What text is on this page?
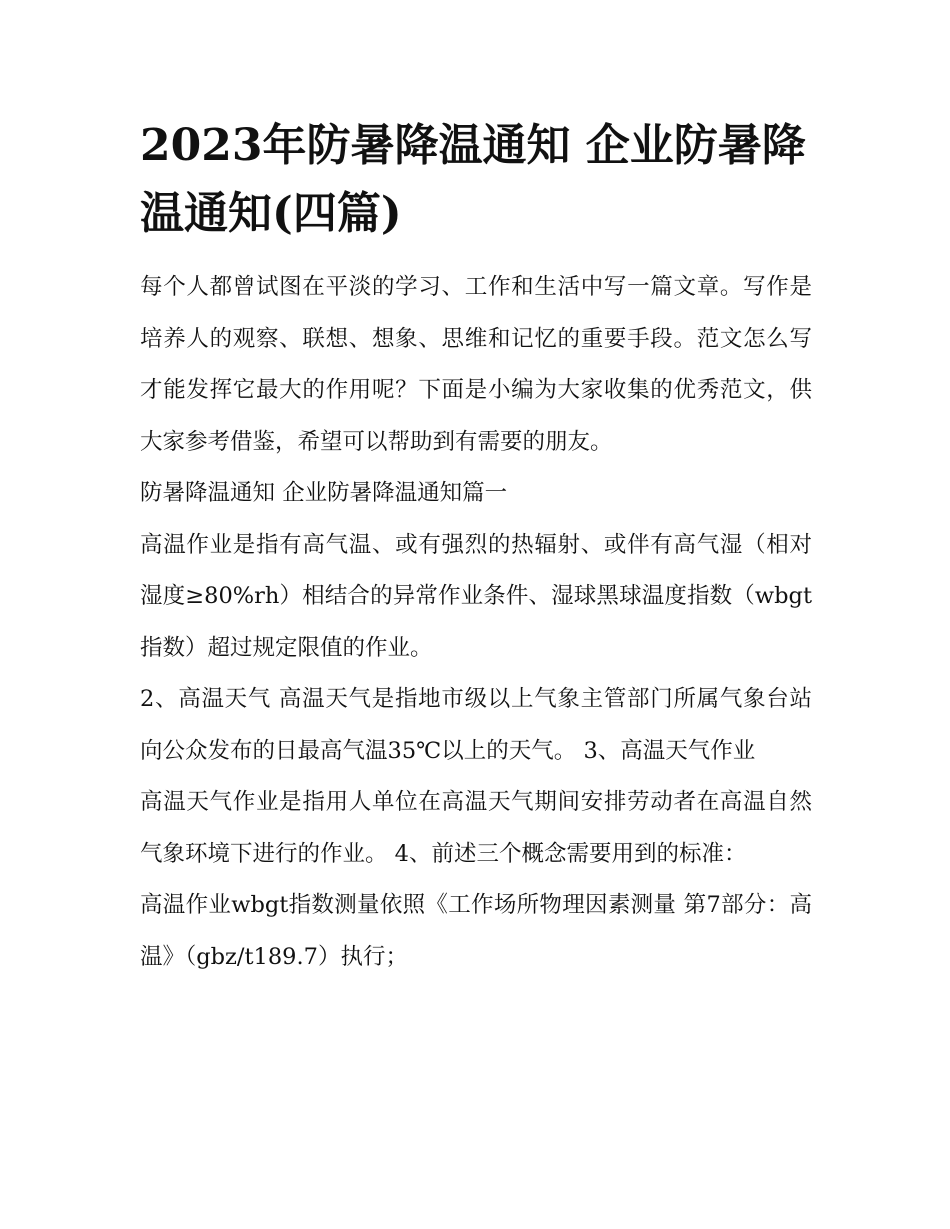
2023年防暑降温通知 企业防暑降温通知(四篇)

每个人都曾试图在平淡的学习、工作和生活中写一篇文章。写作是培养人的观察、联想、想象、思维和记忆的重要手段。范文怎么写才能发挥它最大的作用呢？下面是小编为大家收集的优秀范文，供大家参考借鉴，希望可以帮助到有需要的朋友。

防暑降温通知 企业防暑降温通知篇一

高温作业是指有高气温、或有强烈的热辐射、或伴有高气湿（相对湿度≥80%rh）相结合的异常作业条件、湿球黑球温度指数（wbgt指数）超过规定限值的作业。

2、高温天气 高温天气是指地市级以上气象主管部门所属气象台站向公众发布的日最高气温35℃以上的天气。 3、高温天气作业

高温天气作业是指用人单位在高温天气期间安排劳动者在高温自然气象环境下进行的作业。 4、前述三个概念需要用到的标准：

高温作业wbgt指数测量依照《工作场所物理因素测量 第7部分：高温》（gbz/t189.7）执行；
